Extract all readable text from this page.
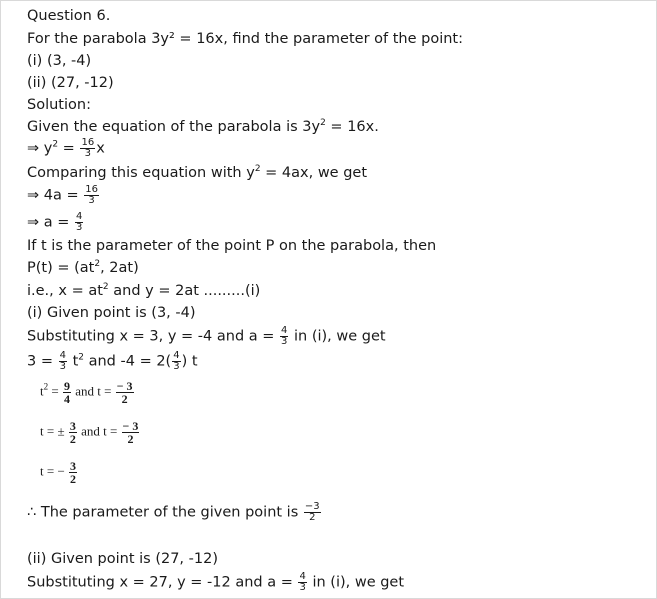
Question 6.
For the parabola 3y² = 16x, find the parameter of the point:
(i) (3, -4)
(ii) (27, -12)
Solution:
Given the equation of the parabola is $3y^2 = 16x$.
⇒ $y^2 = \frac{16}{3}$ x
Comparing this equation with $y^2 = 4ax$, we get
⇒ $4a = \frac{16}{3}$
⇒ $a = \frac{4}{3}$
If t is the parameter of the point P on the parabola, then
$P(t) = (at^2$, 2at)
i.e., $x = at^2$ and y = 2at .........(i)
(i) Given point is (3, -4)
Substituting x = 3, y = -4 and $a = \frac{4}{3}$ in (i), we get
$3 = \frac{4}{3} t^2$ and $-4 = 2( \frac{4}{3}$ ) t
$t^2 = \frac{9}{4}$ and $t = \frac{- 3}{2}$
t = ± $\frac{3}{2}$ and $t = \frac{- 3}{2}$
t = − $\frac{3}{2}$
∴ The parameter of the given point is $\frac{-3}{2}$
(ii) Given point is (27, -12)
Substituting x = 27, y = -12 and $a = \frac{4}{3}$ in (i), we get
